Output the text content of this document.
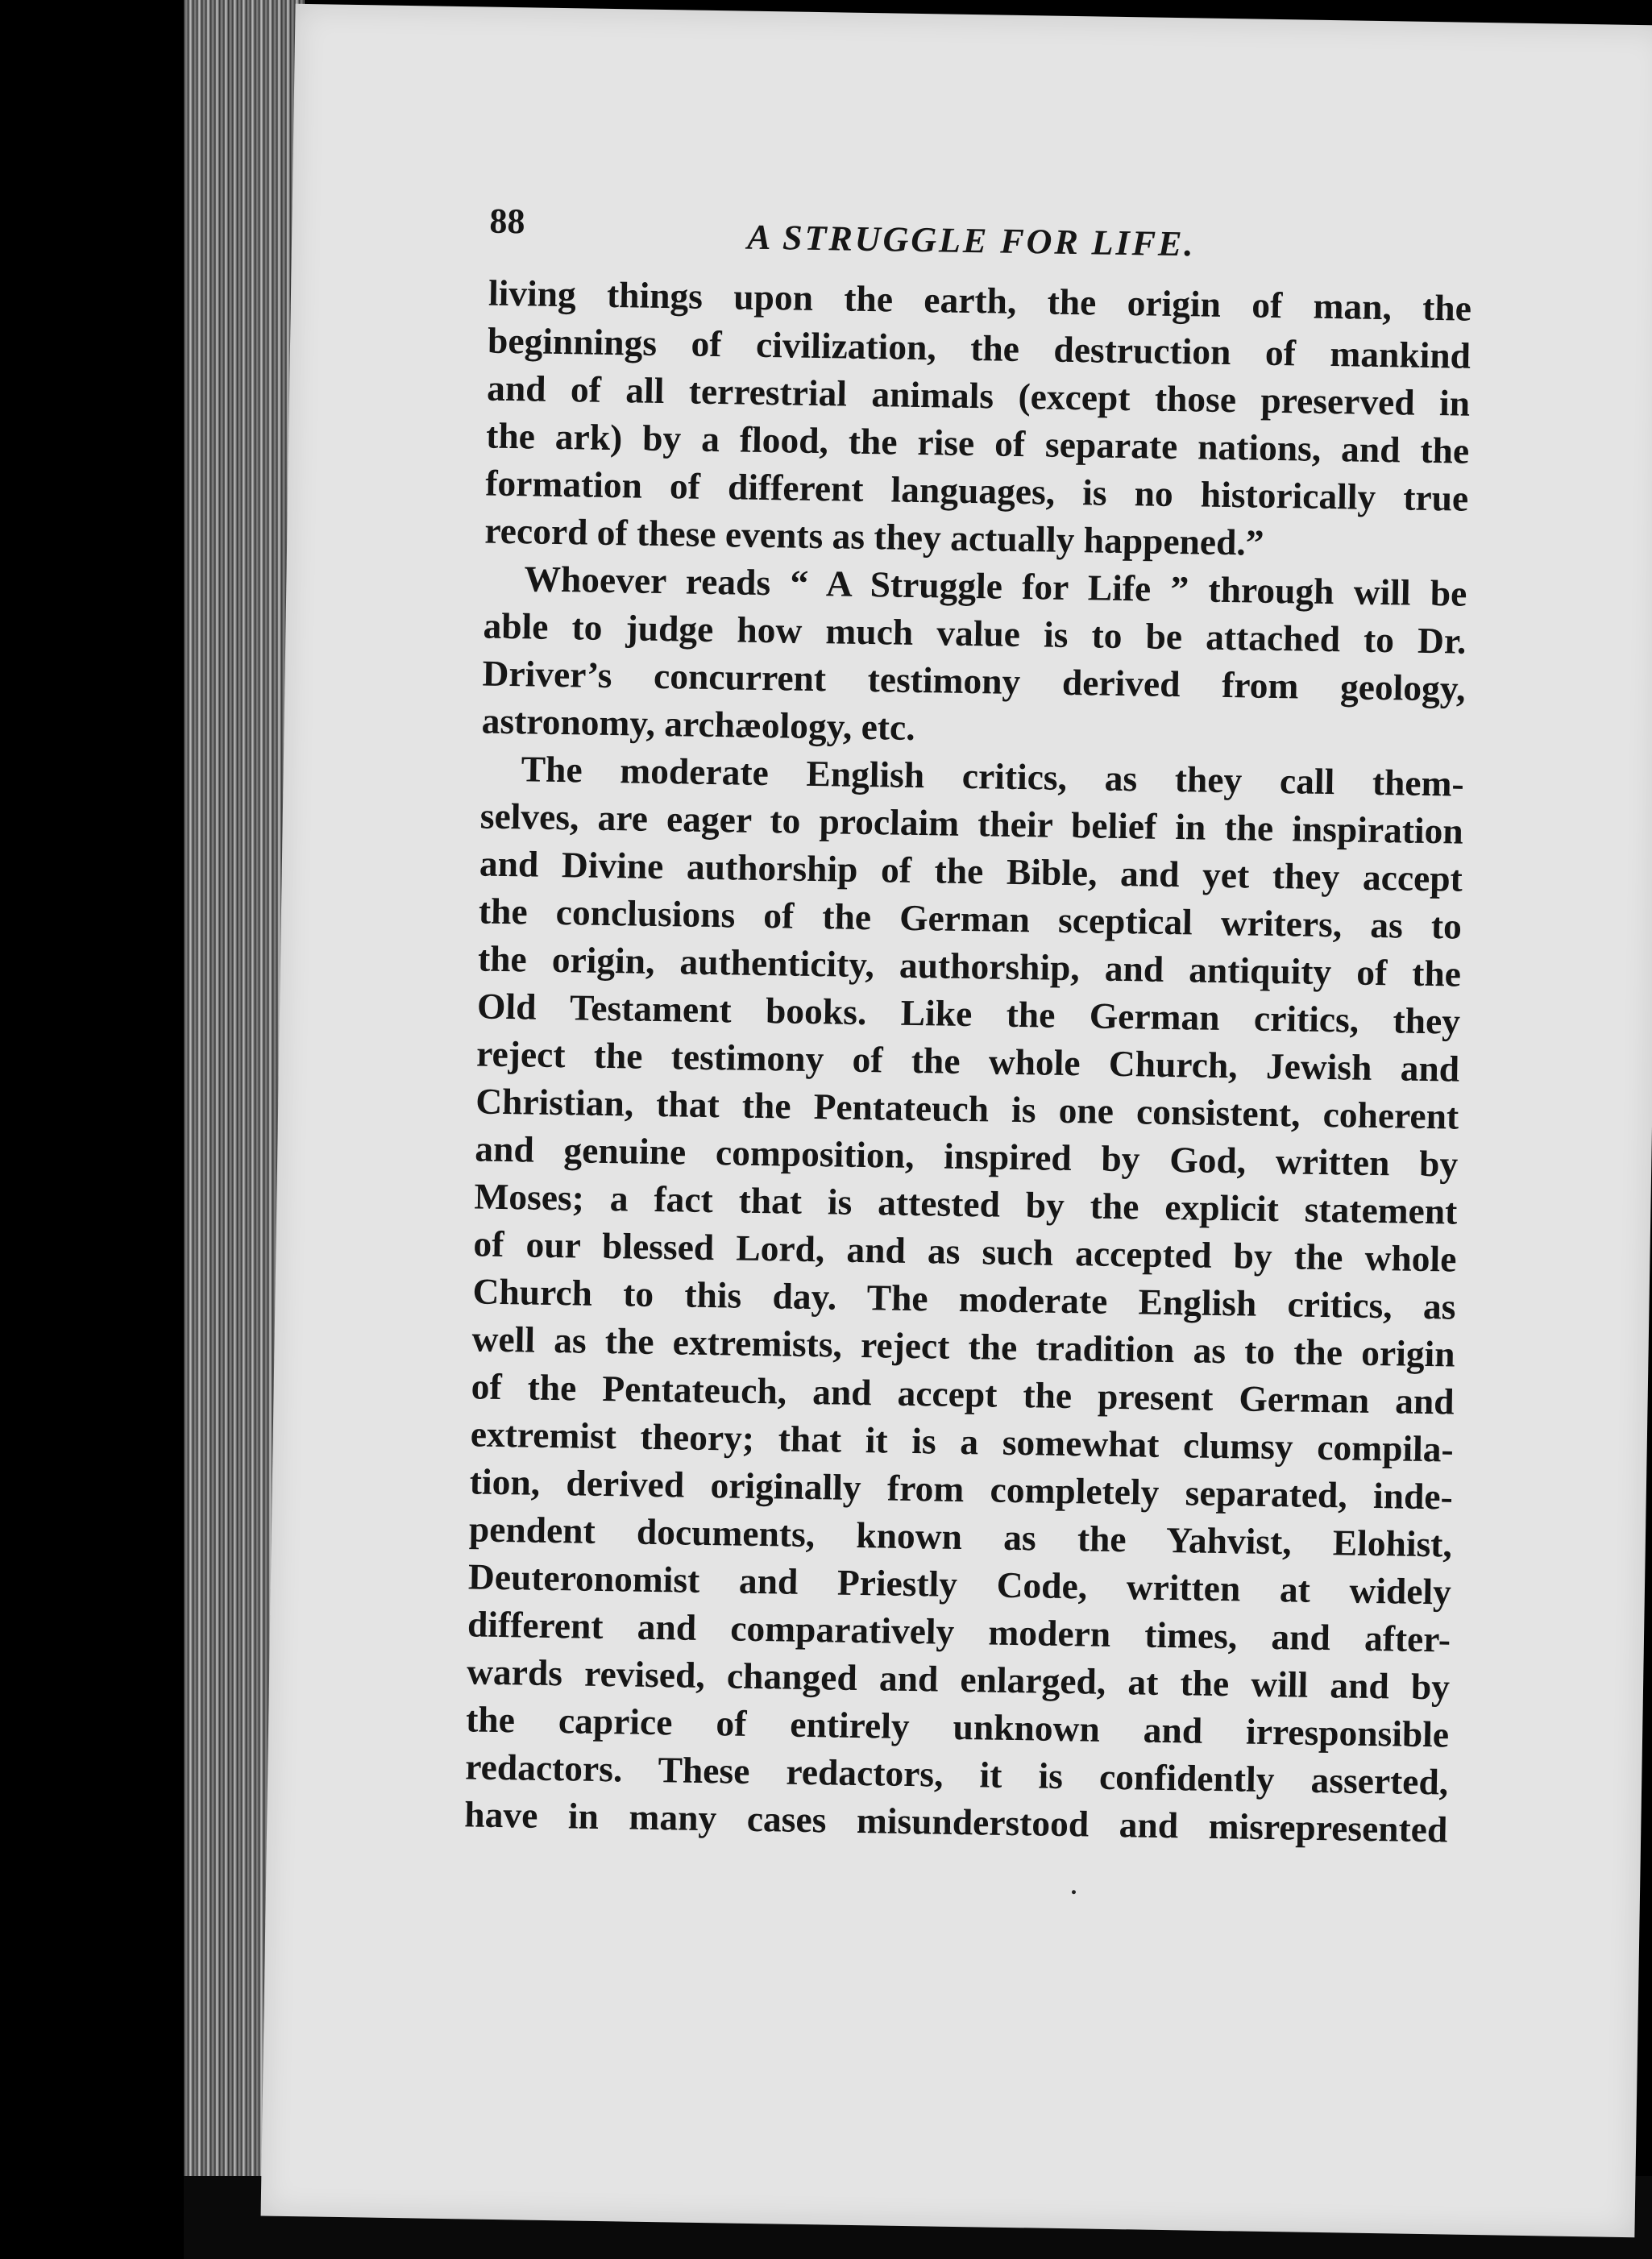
88	A STRUGGLE FOR LIFE.
living things upon the earth, the origin of man, the
beginnings of civilization, the destruction of mankind
and of all terrestrial animals (except those preserved in
the ark) by a flood, the rise of separate nations, and the
formation of different languages, is no historically true
record of these events as they actually happened.”
Whoever reads “ A Struggle for Life ” through will be
able to judge how much value is to be attached to Dr.
Driver’s concurrent testimony derived from geology,
astronomy, archæology, etc.
The moderate English critics, as they call them-
selves, are eager to proclaim their belief in the inspiration
and Divine authorship of the Bible, and yet they accept
the conclusions of the German sceptical writers, as to
the origin, authenticity, authorship, and antiquity of the
Old Testament books. Like the German critics, they
reject the testimony of the whole Church, Jewish and
Christian, that the Pentateuch is one consistent, coherent
and genuine composition, inspired by God, written by
Moses; a fact that is attested by the explicit statement
of our blessed Lord, and as such accepted by the whole
Church to this day. The moderate English critics, as
well as the extremists, reject the tradition as to the origin
of the Pentateuch, and accept the present German and
extremist theory; that it is a somewhat clumsy compila-
tion, derived originally from completely separated, inde-
pendent documents, known as the Yahvist, Elohist,
Deuteronomist and Priestly Code, written at widely
different and comparatively modern times, and after-
wards revised, changed and enlarged, at the will and by
the caprice of entirely unknown and irresponsible
redactors. These redactors, it is confidently asserted,
have in many cases misunderstood and misrepresented
